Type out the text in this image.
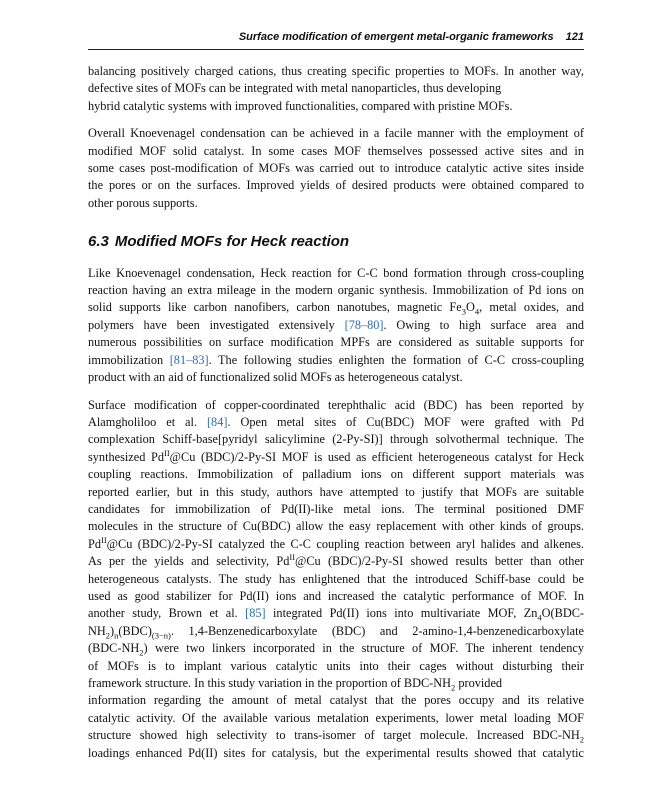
Surface modification of emergent metal-organic frameworks 121

balancing positively charged cations, thus creating specific properties to MOFs. In another way,
defective sites of MOFs can be integrated with metal nanoparticles, thus developing
hybrid catalytic systems with improved functionalities, compared with pristine MOFs.

Overall Knoevenagel condensation can be achieved in a facile manner with the employment of
modified MOF solid catalyst. In some cases MOF themselves possessed active sites and in
some cases post-modification of MOFs was carried out to introduce catalytic active sites inside
the pores or on the surfaces. Improved yields of desired products were obtained compared to
other porous supports.

6.3 Modified MOFs for Heck reaction

Like Knoevenagel condensation, Heck reaction for C-C bond formation through cross-coupling
reaction having an extra mileage in the modern organic synthesis. Immobilization of Pd ions on
solid supports like carbon nanofibers, carbon nanotubes, magnetic $Fe_3O_4$, metal oxides, and
polymers have been investigated extensively [78–80]. Owing to high surface area and
numerous possibilities on surface modification MPFs are considered as suitable supports for
immobilization [81–83]. The following studies enlighten the formation of C-C cross-coupling
product with an aid of functionalized solid MOFs as heterogeneous catalyst.

Surface modification of copper-coordinated terephthalic acid (BDC) has been reported by
Alamgholiloo et al. [84]. Open metal sites of Cu(BDC) MOF were grafted with Pd
complexation Schiff-base[pyridyl salicylimine (2-Py-SI)] through solvothermal technique. The
synthesized $Pd^{II}@Cu$ (BDC)/2-Py-SI MOF is used as efficient heterogeneous catalyst for Heck
coupling reactions. Immobilization of palladium ions on different support materials was
reported earlier, but in this study, authors have attempted to justify that MOFs are suitable
candidates for immobilization of Pd(II)-like metal ions. The terminal positioned DMF
molecules in the structure of Cu(BDC) allow the easy replacement with other kinds of groups.
$Pd^{II}@Cu$ (BDC)/2-Py-SI catalyzed the C-C coupling reaction between aryl halides and alkenes.
As per the yields and selectivity, $Pd^{II}@Cu$ (BDC)/2-Py-SI showed results better than other
heterogeneous catalysts. The study has enlightened that the introduced Schiff-base could be
used as good stabilizer for Pd(II) ions and increased the catalytic performance of MOF. In
another study, Brown et al. [85] integrated Pd(II) ions into multivariate MOF, $Zn_4O(BDC-$
$NH_2)_n(BDC)_{(3-n)}$. 1,4-Benzenedicarboxylate (BDC) and 2-amino-1,4-benzenedicarboxylate
$(BDC-NH_2)$ were two linkers incorporated in the structure of MOF. The inherent tendency
of MOFs is to implant various catalytic units into their cages without disturbing their
framework structure. In this study variation in the proportion of BDC-$NH_2$ provided
information regarding the amount of metal catalyst that the pores occupy and its relative
catalytic activity. Of the available various metalation experiments, lower metal loading MOF
structure showed high selectivity to trans-isomer of target molecule. Increased BDC-$NH_2$
loadings enhanced Pd(II) sites for catalysis, but the experimental results showed that catalytic
